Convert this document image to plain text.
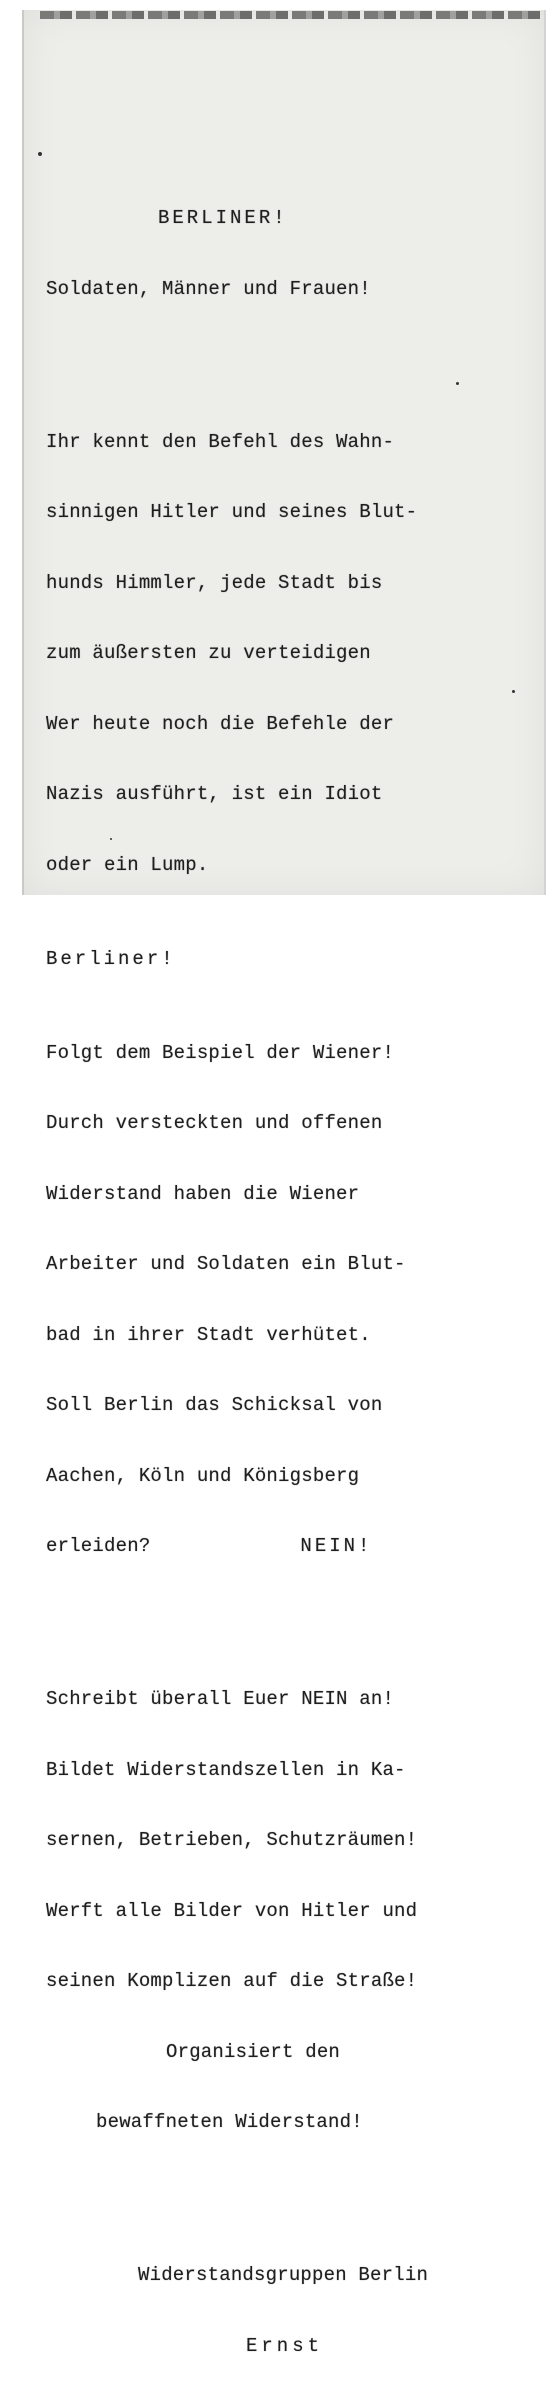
BERLINER!

Soldaten, Männer und Frauen!

Ihr kennt den Befehl des Wahn-

sinnigen Hitler und seines Blut-

hunds Himmler, jede Stadt bis

zum äußersten zu verteidigen

Wer heute noch die Befehle der

Nazis ausführt, ist ein Idiot

oder ein Lump.

Berliner!

Folgt dem Beispiel der Wiener!

Durch versteckten und offenen

Widerstand haben die Wiener

Arbeiter und Soldaten ein Blut-

bad in ihrer Stadt verhütet.

Soll Berlin das Schicksal von

Aachen, Köln und Königsberg

erleiden?	NEIN!

Schreibt überall Euer NEIN an!

Bildet Widerstandszellen in Ka-

sernen, Betrieben, Schutzräumen!

Werft alle Bilder von Hitler und

seinen Komplizen auf die Straße!

Organisiert den

bewaffneten Widerstand!

Widerstandsgruppen Berlin

Ernst
